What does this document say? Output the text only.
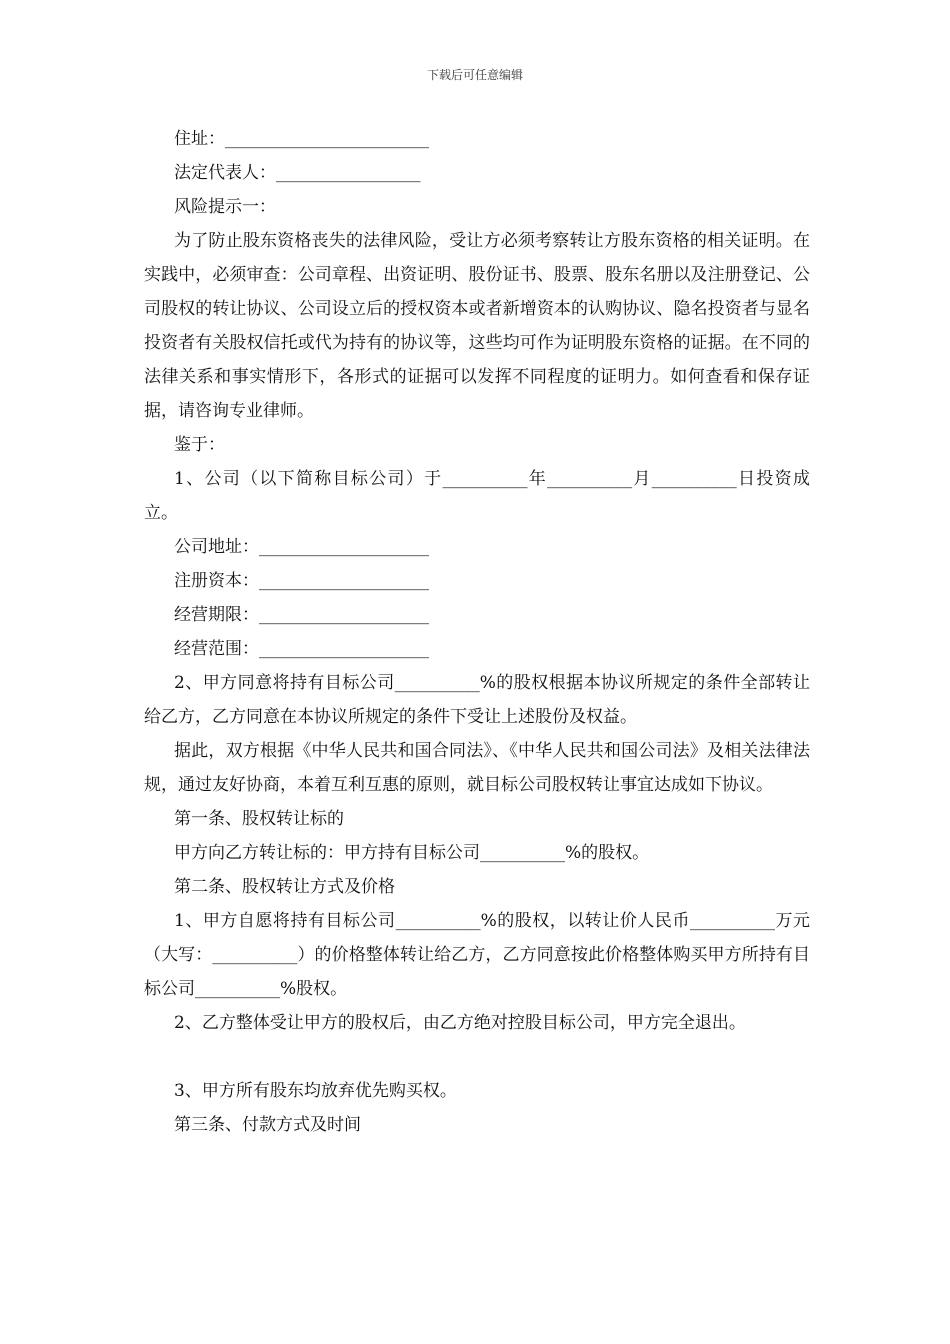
下载后可任意编辑

住址：________________________

法定代表人：_________________

风险提示一：

为了防止股东资格丧失的法律风险，受让方必须考察转让方股东资格的相关证明。在实践中，必须审查：公司章程、出资证明、股份证书、股票、股东名册以及注册登记、公司股权的转让协议、公司设立后的授权资本或者新增资本的认购协议、隐名投资者与显名投资者有关股权信托或代为持有的协议等，这些均可作为证明股东资格的证据。在不同的法律关系和事实情形下，各形式的证据可以发挥不同程度的证明力。如何查看和保存证据，请咨询专业律师。

鉴于：

1、公司（以下简称目标公司）于__________年__________月__________日投资成立。

公司地址：____________________

注册资本：____________________

经营期限：____________________

经营范围：____________________

2、甲方同意将持有目标公司__________%的股权根据本协议所规定的条件全部转让给乙方，乙方同意在本协议所规定的条件下受让上述股份及权益。

据此，双方根据《中华人民共和国合同法》、《中华人民共和国公司法》及相关法律法规，通过友好协商，本着互利互惠的原则，就目标公司股权转让事宜达成如下协议。

第一条、股权转让标的

甲方向乙方转让标的：甲方持有目标公司__________%的股权。

第二条、股权转让方式及价格

1、甲方自愿将持有目标公司__________%的股权，以转让价人民币__________万元（大写：__________）的价格整体转让给乙方，乙方同意按此价格整体购买甲方所持有目标公司__________%股权。

2、乙方整体受让甲方的股权后，由乙方绝对控股目标公司，甲方完全退出。

3、甲方所有股东均放弃优先购买权。

第三条、付款方式及时间
